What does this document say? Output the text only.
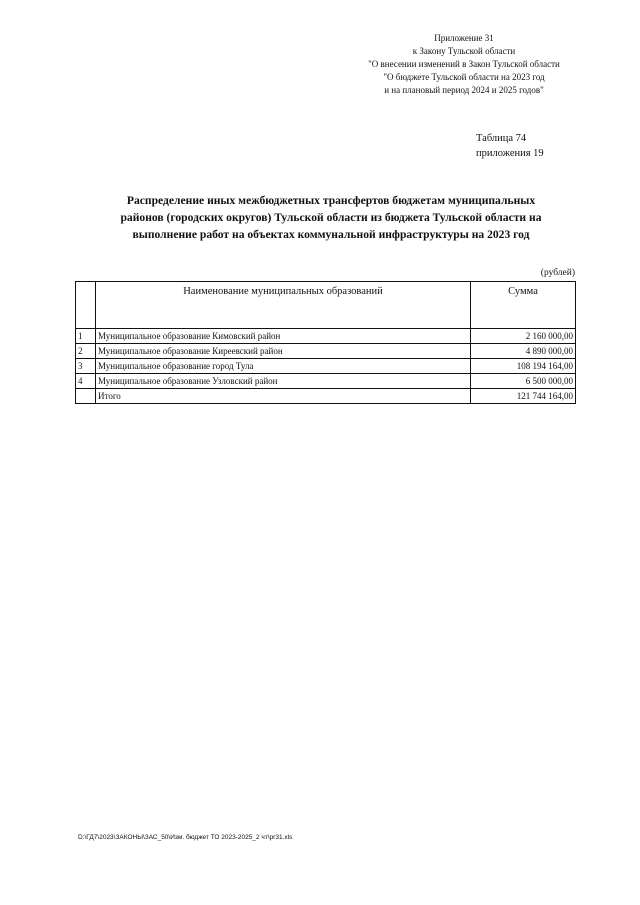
Приложение 31
к Закону Тульской области
"О внесении изменений в Закон Тульской области
"О бюджете Тульской области на 2023 год
и на плановый период 2024 и 2025 годов"
Таблица 74
приложения 19
Распределение иных межбюджетных трансфертов бюджетам муниципальных
районов (городских округов) Тульской области из бюджета Тульской области на
выполнение работ на объектах коммунальной инфраструктуры на 2023 год
(рублей)
	Наименование муниципальных образований	Сумма
1	Муниципальное образование Кимовский район	2 160 000,00
2	Муниципальное образование Киреевский район	4 890 000,00
3	Муниципальное образование город Тула	108 194 164,00
4	Муниципальное образование Узловский район	6 500 000,00
	Итого	121 744 164,00
D:\ГД7\2023\ЗАКОНЫ\ЗАС_50\Изм. бюджет ТО 2023-2025_2 чт\pr31.xls
